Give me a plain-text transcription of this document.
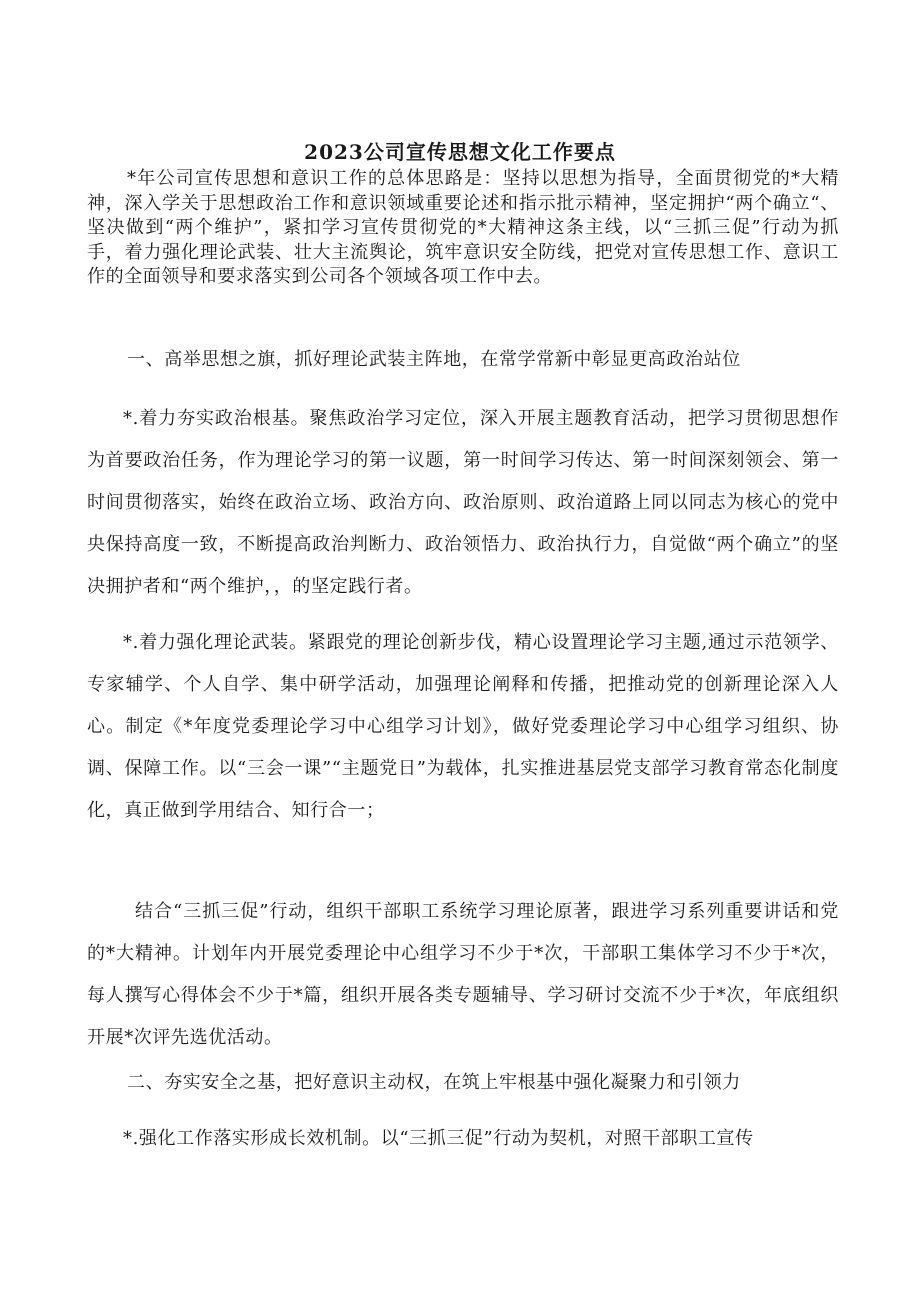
2023公司宣传思想文化工作要点

*年公司宣传思想和意识工作的总体思路是：坚持以思想为指导，全面贯彻党的*大精神，深入学关于思想政治工作和意识领域重要论述和指示批示精神，坚定拥护“两个确立“、坚决做到“两个维护”，紧扣学习宣传贯彻党的*大精神这条主线，以“三抓三促”行动为抓手，着力强化理论武装、壮大主流舆论，筑牢意识安全防线，把党对宣传思想工作、意识工作的全面领导和要求落实到公司各个领域各项工作中去。

一、高举思想之旗，抓好理论武装主阵地，在常学常新中彰显更高政治站位

*.着力夯实政治根基。聚焦政治学习定位，深入开展主题教育活动，把学习贯彻思想作为首要政治任务，作为理论学习的第一议题，第一时间学习传达、第一时间深刻领会、第一时间贯彻落实，始终在政治立场、政治方向、政治原则、政治道路上同以同志为核心的党中央保持高度一致，不断提高政治判断力、政治领悟力、政治执行力，自觉做“两个确立”的坚决拥护者和“两个维护，，的坚定践行者。

*.着力强化理论武装。紧跟党的理论创新步伐，精心设置理论学习主题,通过示范领学、专家辅学、个人自学、集中研学活动，加强理论阐释和传播，把推动党的创新理论深入人心。制定《*年度党委理论学习中心组学习计划》，做好党委理论学习中心组学习组织、协调、保障工作。以“三会一课”“主题党日”为载体，扎实推进基层党支部学习教育常态化制度化，真正做到学用结合、知行合一；

结合“三抓三促”行动，组织干部职工系统学习理论原著，跟进学习系列重要讲话和党的*大精神。计划年内开展党委理论中心组学习不少于*次，干部职工集体学习不少于*次，每人撰写心得体会不少于*篇，组织开展各类专题辅导、学习研讨交流不少于*次，年底组织开展*次评先选优活动。

二、夯实安全之基，把好意识主动权，在筑上牢根基中强化凝聚力和引领力

*.强化工作落实形成长效机制。以“三抓三促”行动为契机，对照干部职工宣传
